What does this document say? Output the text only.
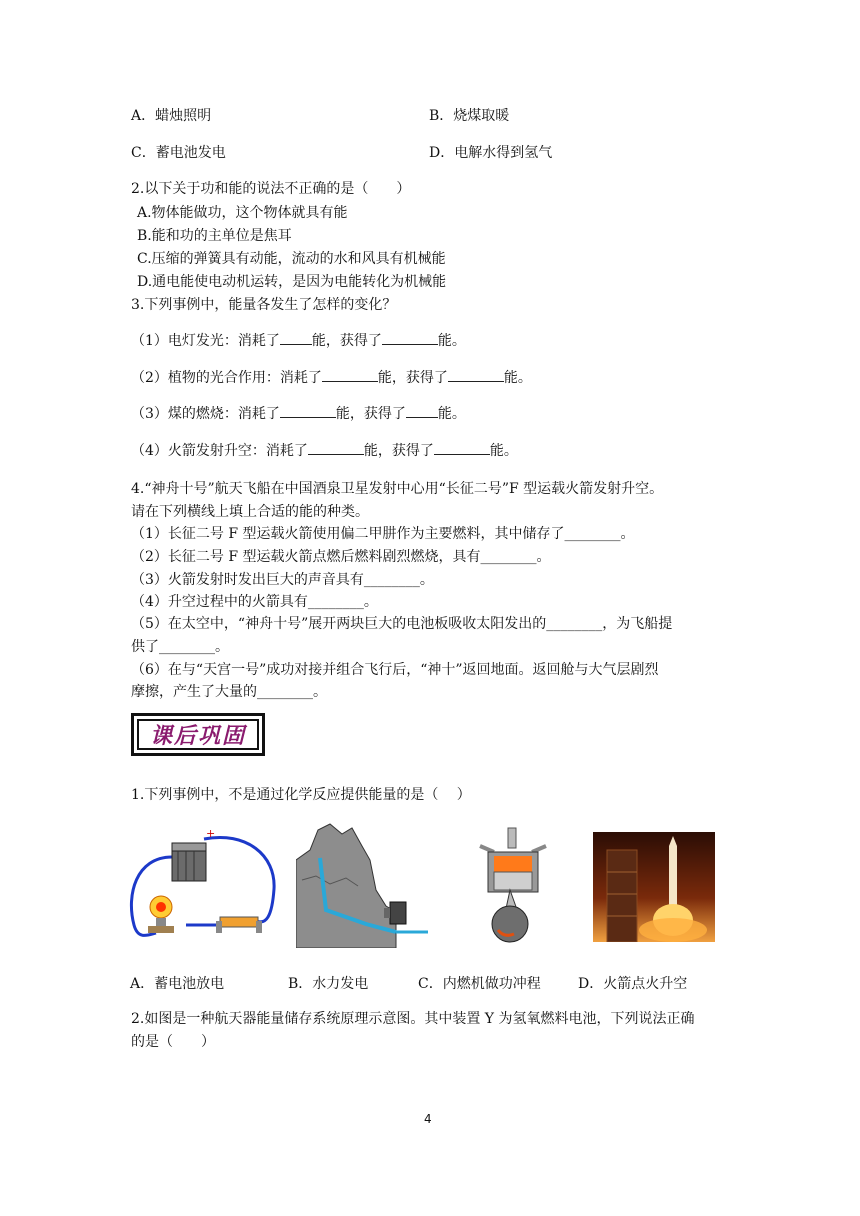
A．蜡烛照明	B．烧煤取暖
C．蓄电池发电	D．电解水得到氢气
2.以下关于功和能的说法不正确的是（　　）
A.物体能做功，这个物体就具有能
B.能和功的主单位是焦耳
C.压缩的弹簧具有动能，流动的水和风具有机械能
D.通电能使电动机运转，是因为电能转化为机械能
3.下列事例中，能量各发生了怎样的变化？
（1）电灯发光：消耗了 能，获得了	能。
（2）植物的光合作用：消耗了	能，获得了	能。
（3）煤的燃烧：消耗了	能，获得了 能。
（4）火箭发射升空：消耗了	能，获得了	能。
4.“神舟十号”航天飞船在中国酒泉卫星发射中心用“长征二号”F 型运载火箭发射升空。
请在下列横线上填上合适的能的种类。
（1）长征二号 F 型运载火箭使用偏二甲肼作为主要燃料，其中储存了________。
（2）长征二号 F 型运载火箭点燃后燃料剧烈燃烧，具有________。
（3）火箭发射时发出巨大的声音具有________。
（4）升空过程中的火箭具有________。
（5）在太空中，“神舟十号”展开两块巨大的电池板吸收太阳发出的________，为飞船提
供了________。
（6）在与“天宫一号”成功对接并组合飞行后，“神十”返回地面。返回舱与大气层剧烈
摩擦，产生了大量的________。
课后巩固
1.下列事例中，不是通过化学反应提供能量的是（　 ）
+
A．蓄电池放电	B．水力发电	C．内燃机做功冲程	D．火箭点火升空
2.如图是一种航天器能量储存系统原理示意图。其中装置 Y 为氢氧燃料电池，下列说法正确
的是（　　）
4
